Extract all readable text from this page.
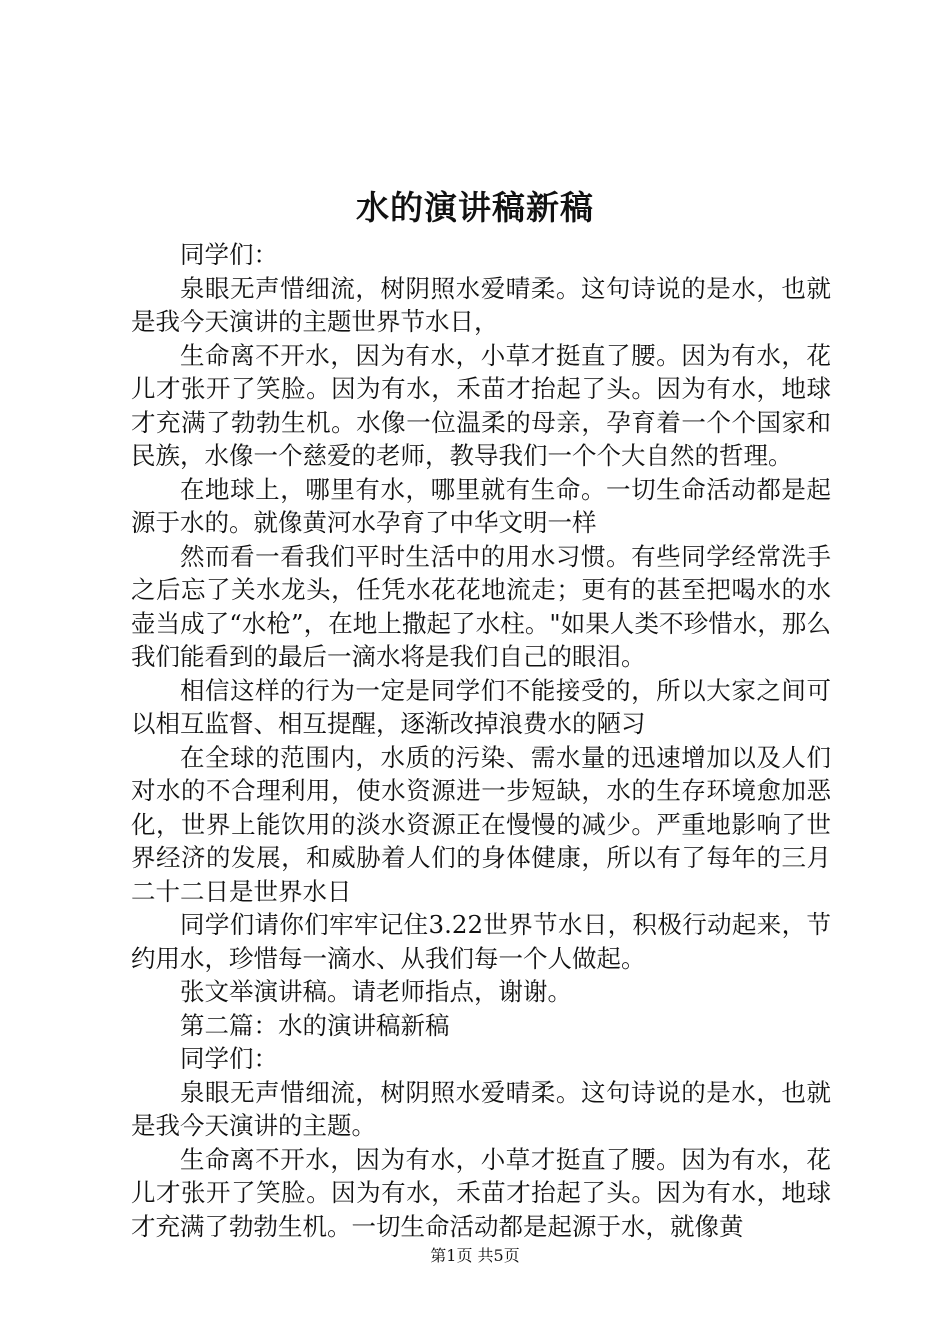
水的演讲稿新稿

同学们：

泉眼无声惜细流，树阴照水爱晴柔。这句诗说的是水，也就是我今天演讲的主题世界节水日，

生命离不开水，因为有水，小草才挺直了腰。因为有水，花儿才张开了笑脸。因为有水，禾苗才抬起了头。因为有水，地球才充满了勃勃生机。水像一位温柔的母亲，孕育着一个个国家和民族，水像一个慈爱的老师，教导我们一个个大自然的哲理。

在地球上，哪里有水，哪里就有生命。一切生命活动都是起源于水的。就像黄河水孕育了中华文明一样

然而看一看我们平时生活中的用水习惯。有些同学经常洗手之后忘了关水龙头，任凭水花花地流走；更有的甚至把喝水的水壶当成了“水枪”，在地上撒起了水柱。"如果人类不珍惜水，那么我们能看到的最后一滴水将是我们自己的眼泪。

相信这样的行为一定是同学们不能接受的，所以大家之间可以相互监督、相互提醒，逐渐改掉浪费水的陋习

在全球的范围内，水质的污染、需水量的迅速增加以及人们对水的不合理利用，使水资源进一步短缺，水的生存环境愈加恶化，世界上能饮用的淡水资源正在慢慢的减少。严重地影响了世界经济的发展，和威胁着人们的身体健康，所以有了每年的三月二十二日是世界水日

同学们请你们牢牢记住3.22世界节水日，积极行动起来，节约用水，珍惜每一滴水、从我们每一个人做起。

张文举演讲稿。请老师指点，谢谢。

第二篇：水的演讲稿新稿

同学们：

泉眼无声惜细流，树阴照水爱晴柔。这句诗说的是水，也就是我今天演讲的主题。

生命离不开水，因为有水，小草才挺直了腰。因为有水，花儿才张开了笑脸。因为有水，禾苗才抬起了头。因为有水，地球才充满了勃勃生机。一切生命活动都是起源于水，就像黄

第1页 共5页
